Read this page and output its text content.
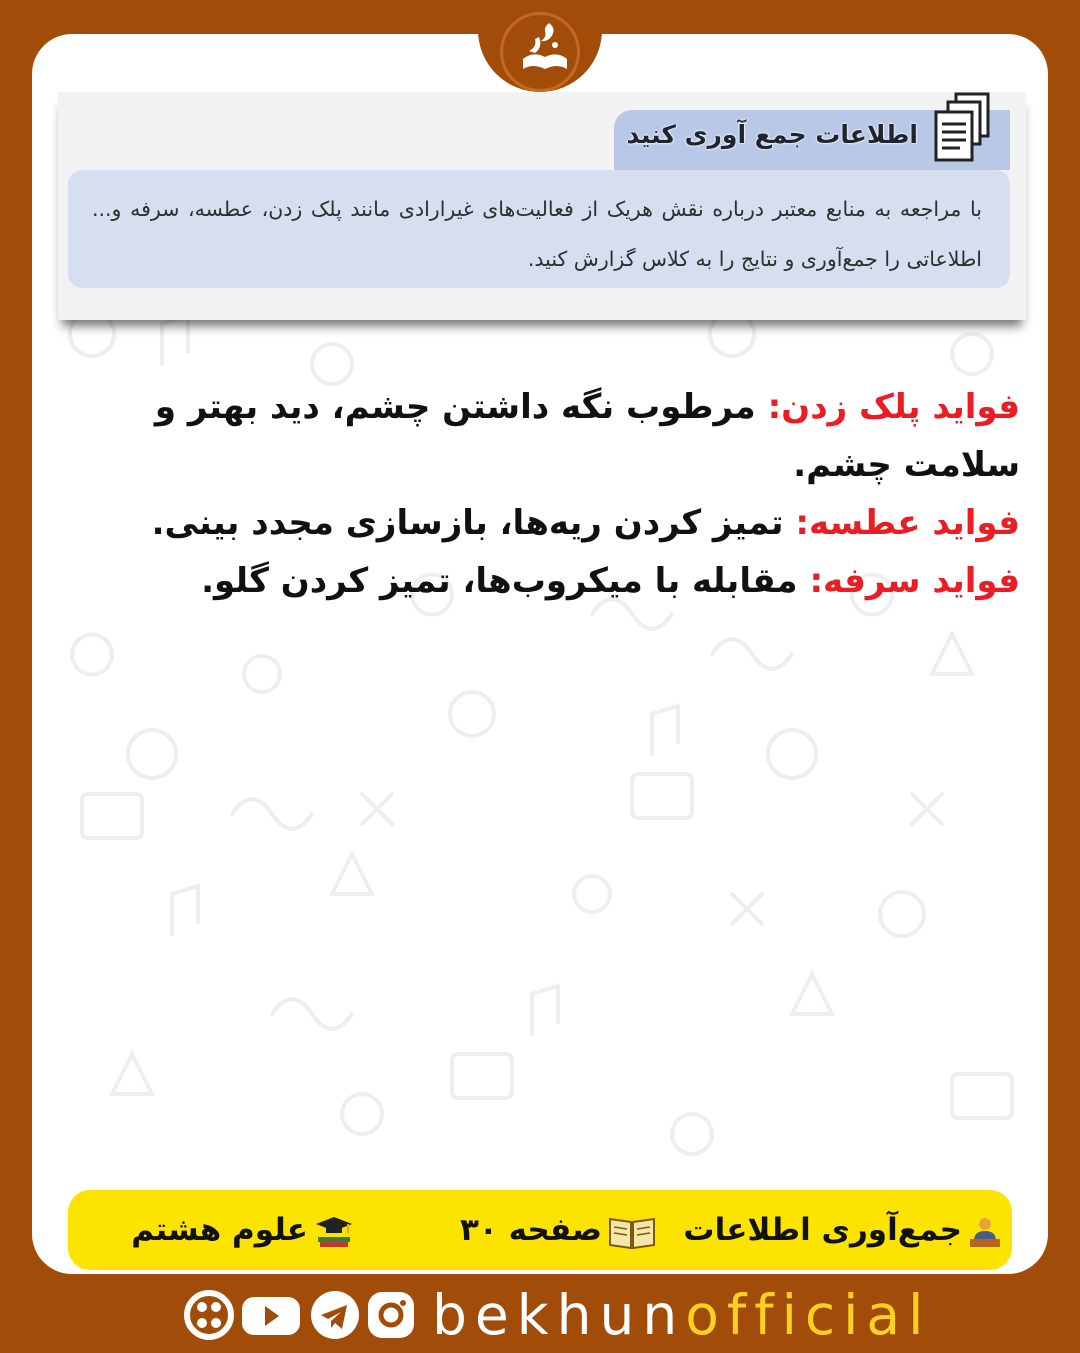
اطلاعات جمع آوری کنید
با مراجعه به منابع معتبر درباره نقش هریک از فعالیت‌های غیرارادی مانند پلک زدن، عطسه، سرفه و... اطلاعاتی را جمع‌آوری و نتایج را به کلاس گزارش کنید.

فواید پلک زدن: مرطوب نگه داشتن چشم، دید بهتر و سلامت چشم.

فواید عطسه: تمیز کردن ریه‌ها، بازسازی مجدد بینی.

فواید سرفه: مقابله با میکروب‌ها، تمیز کردن گلو.

جمع‌آوری اطلاعات
صفحه ۳۰
علوم هشتم
bekhunofficial
